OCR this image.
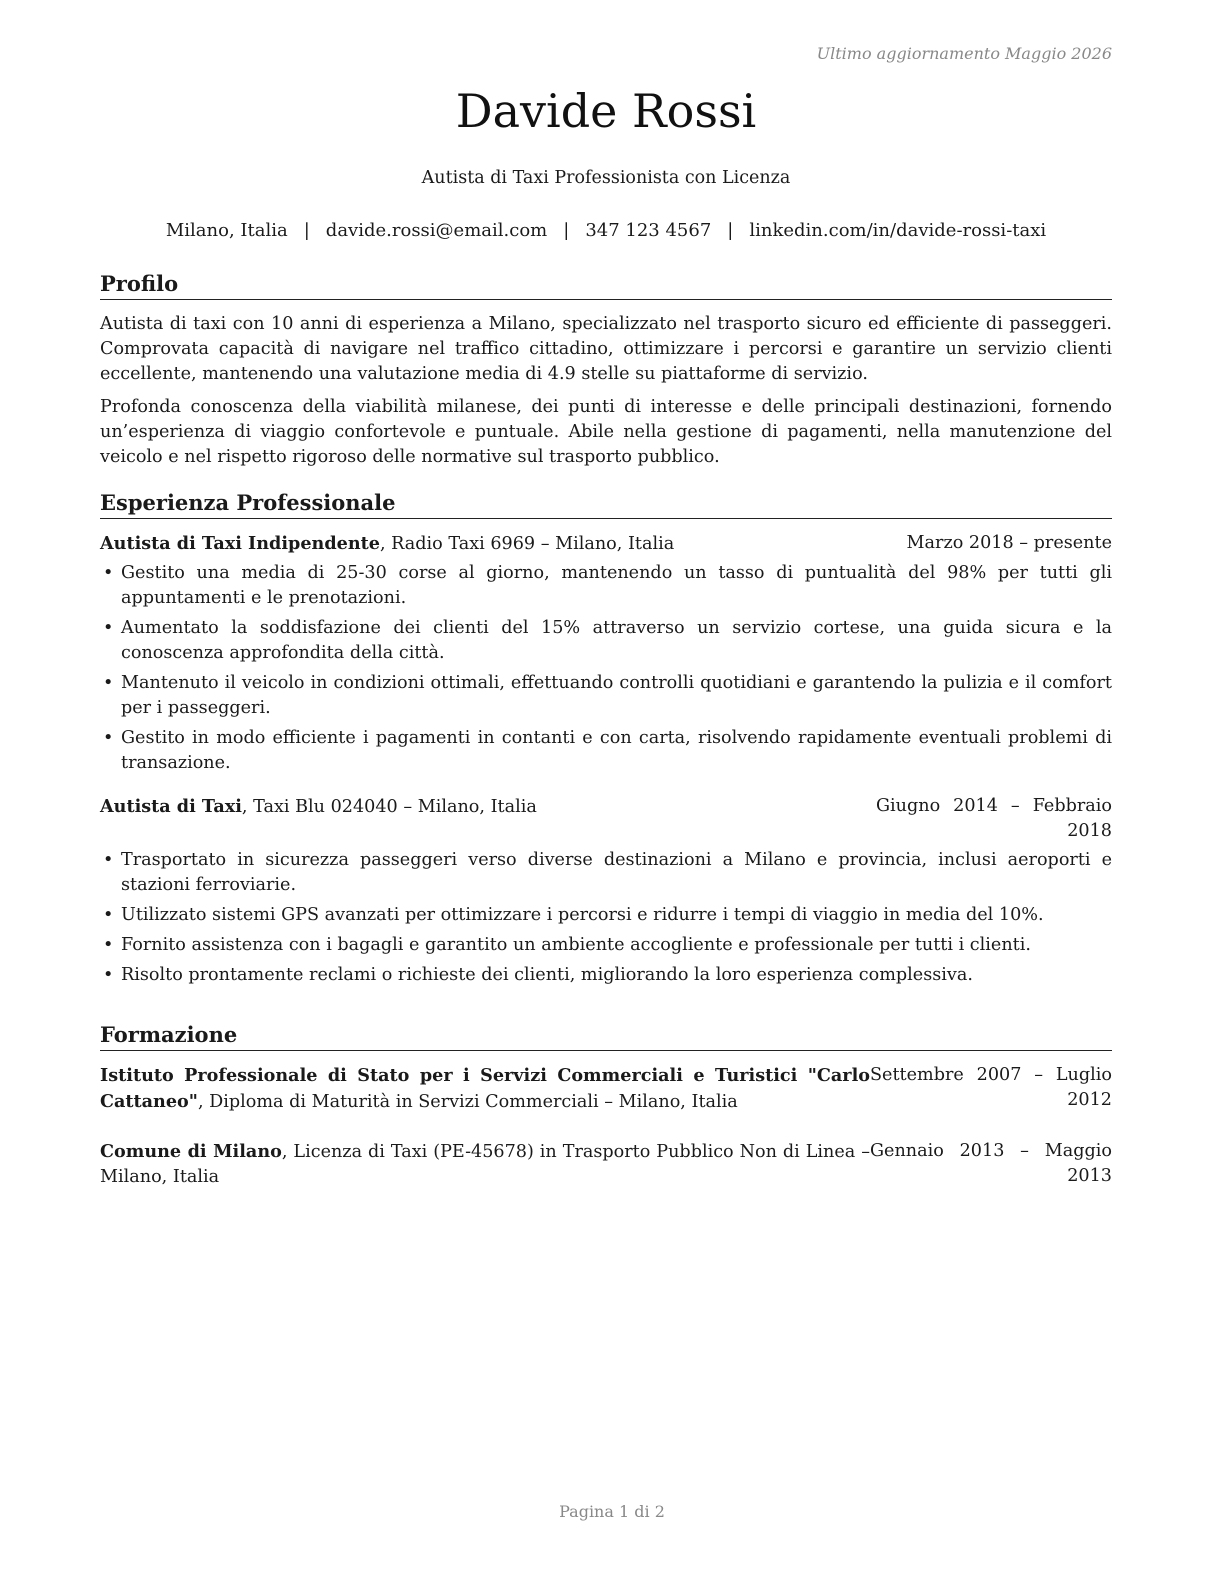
Ultimo aggiornamento Maggio 2026
Davide Rossi
Autista di Taxi Professionista con Licenza
Milano, Italia | davide.rossi@email.com | 347 123 4567 | linkedin.com/in/davide-rossi-taxi
Profilo

Autista di taxi con 10 anni di esperienza a Milano, specializzato nel trasporto sicuro ed efficiente di passeggeri. Comprovata capacità di navigare nel traffico cittadino, ottimizzare i percorsi e garantire un servizio clienti eccellente, mantenendo una valutazione media di 4.9 stelle su piattaforme di servizio.

Profonda conoscenza della viabilità milanese, dei punti di interesse e delle principali destinazioni, fornendo un’esperienza di viaggio confortevole e puntuale. Abile nella gestione di pagamenti, nella manutenzione del veicolo e nel rispetto rigoroso delle normative sul trasporto pubblico.

Esperienza Professionale
Autista di Taxi Indipendente, Radio Taxi 6969 – Milano, Italia	Marzo 2018 – presente
• Gestito una media di 25-30 corse al giorno, mantenendo un tasso di puntualità del 98% per tutti gli appuntamenti e le prenotazioni.
• Aumentato la soddisfazione dei clienti del 15% attraverso un servizio cortese, una guida sicura e la conoscenza approfondita della città.
• Mantenuto il veicolo in condizioni ottimali, effettuando controlli quotidiani e garantendo la pulizia e il comfort per i passeggeri.
• Gestito in modo efficiente i pagamenti in contanti e con carta, risolvendo rapidamente eventuali problemi di transazione.
Autista di Taxi, Taxi Blu 024040 – Milano, Italia	Giugno 2014 – Febbraio 2018
• Trasportato in sicurezza passeggeri verso diverse destinazioni a Milano e provincia, inclusi aeroporti e stazioni ferroviarie.
• Utilizzato sistemi GPS avanzati per ottimizzare i percorsi e ridurre i tempi di viaggio in media del 10%.
• Fornito assistenza con i bagagli e garantito un ambiente accogliente e professionale per tutti i clienti.
• Risolto prontamente reclami o richieste dei clienti, migliorando la loro esperienza complessiva.
Formazione
Istituto Professionale di Stato per i Servizi Commerciali e Turistici "Carlo Cattaneo", Diploma di Maturità in Servizi Commerciali – Milano, Italia
Settembre 2007 – Luglio 2012
Comune di Milano, Licenza di Taxi (PE-45678) in Trasporto Pubblico Non di Linea – Milano, Italia
Gennaio 2013 – Maggio 2013
Pagina 1 di 2
